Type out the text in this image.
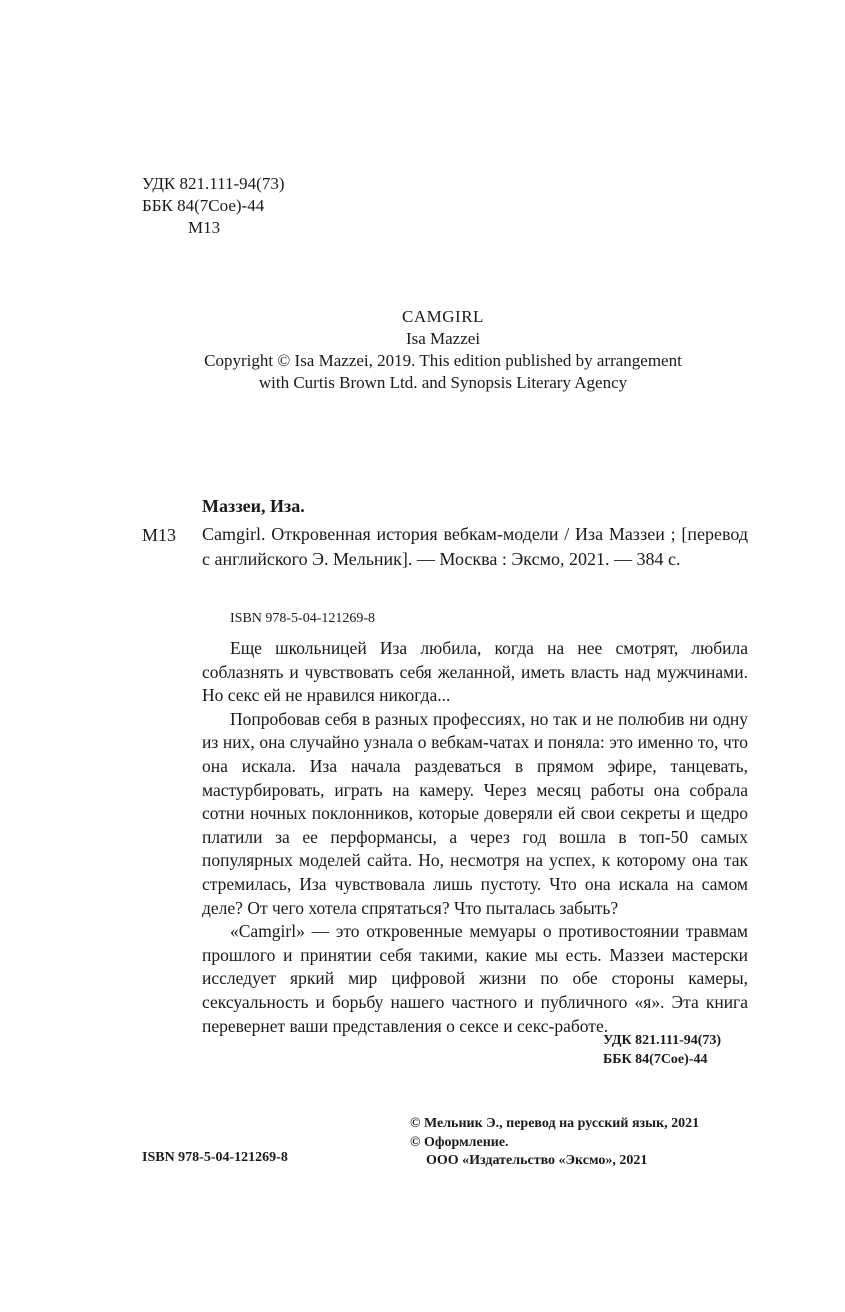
УДК 821.111-94(73)
ББК 84(7Сое)-44
М13
CAMGIRL
Isa Mazzei
Copyright © Isa Mazzei, 2019. This edition published by arrangement
with Curtis Brown Ltd. and Synopsis Literary Agency
Маззеи, Иза.
М13 Camgirl. Откровенная история вебкам-модели / Иза Маззеи ; [перевод с английского Э. Мельник]. — Москва : Эксмо, 2021. — 384 с.
ISBN 978-5-04-121269-8

Еще школьницей Иза любила, когда на нее смотрят, любила соблазнять и чувствовать себя желанной, иметь власть над мужчинами. Но секс ей не нравился никогда...

Попробовав себя в разных профессиях, но так и не полюбив ни одну из них, она случайно узнала о вебкам-чатах и поняла: это именно то, что она искала. Иза начала раздеваться в прямом эфире, танцевать, мастурбировать, играть на камеру. Через месяц работы она собрала сотни ночных поклонников, которые доверяли ей свои секреты и щедро платили за ее перформансы, а через год вошла в топ-50 самых популярных моделей сайта. Но, несмотря на успех, к которому она так стремилась, Иза чувствовала лишь пустоту. Что она искала на самом деле? От чего хотела спрятаться? Что пыталась забыть?

«Camgirl» — это откровенные мемуары о противостоянии травмам прошлого и принятии себя такими, какие мы есть. Маззеи мастерски исследует яркий мир цифровой жизни по обе стороны камеры, сексуальность и борьбу нашего частного и публичного «я». Эта книга перевернет ваши представления о сексе и секс-работе.

УДК 821.111-94(73)
ББК 84(7Сое)-44
ISBN 978-5-04-121269-8
© Мельник Э., перевод на русский язык, 2021
© Оформление.
ООО «Издательство «Эксмо», 2021
